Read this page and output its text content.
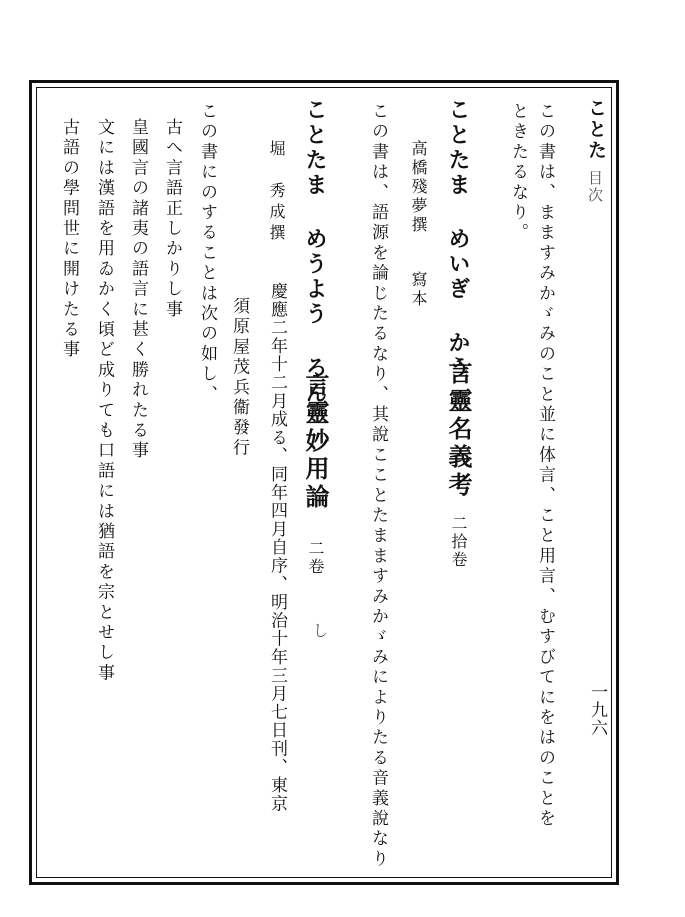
ことた
目次
一九六
この書は、まますみかゞみのこと並に体言、こと用言、むすびてにをはのことを
ときたるなり。
ことたま めいぎ かう
言靈名義考
二拾卷
高橋殘夢撰
寫本
この書は、語源を論じたるなり、其說こことたまますみかゞみによりたる音義說なり
ことたま めうよう ろん
言靈妙用論
二卷
し
堀　秀成撰
慶應二年十二月成る、同年四月自序、明治十年三月七日刊、東京
須原屋茂兵衞發行
この書にのすることは次の如し、
古へ言語正しかりし事
皇國言の諸夷の語言に甚く勝れたる事
文には漢語を用ゐかく頃ど成りても口語には猶語を宗とせし事
古語の學問世に開けたる事
